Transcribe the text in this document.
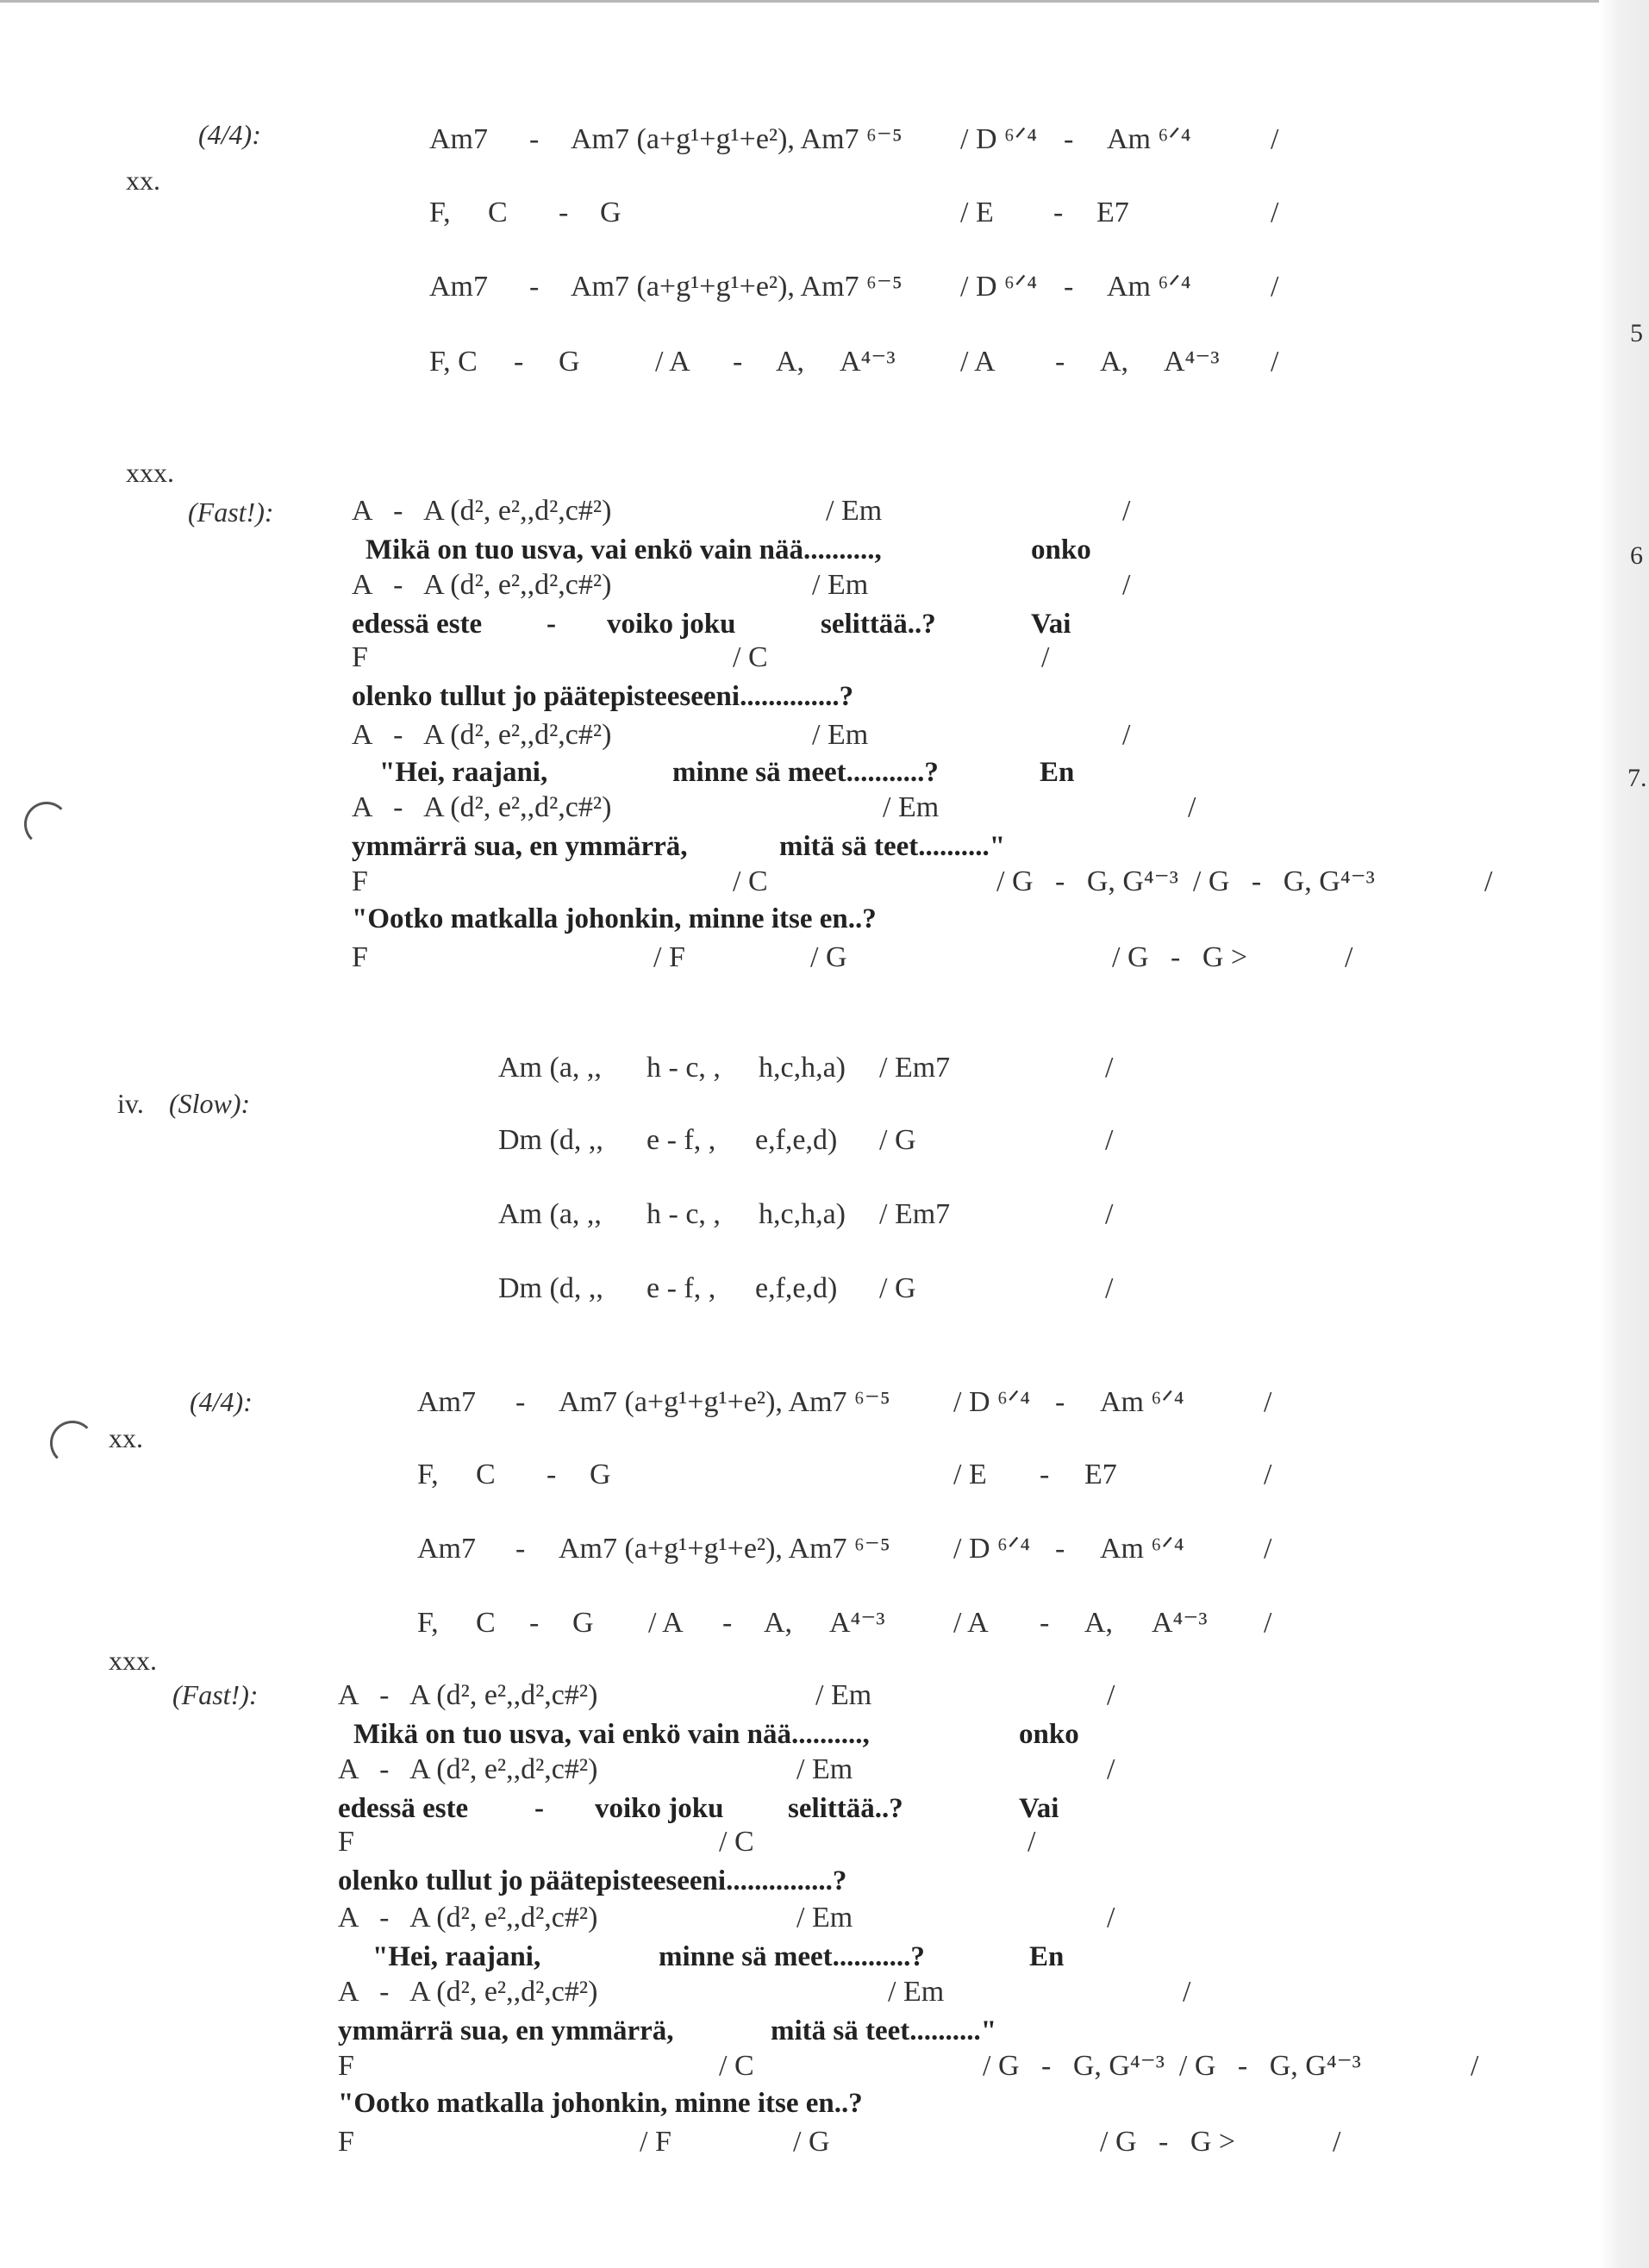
5
6
7.
(4/4):
xx.
Am7 - Am7 (a+g¹+g¹+e²), Am7 ⁶⁻⁵ / D ⁶ᐟ⁴ - Am ⁶ᐟ⁴	/
F, C - G	/ E - E7	/
Am7 - Am7 (a+g¹+g¹+e²), Am7 ⁶⁻⁵ / D ⁶ᐟ⁴ - Am ⁶ᐟ⁴	/
F, C - G	/ A - A, A⁴⁻³ / A - A, A⁴⁻³ /
xxx.
(Fast!):	A   -   A (d², e²,,d²,c#²)	/ Em	/
Mikä on tuo usva, vai enkö vain nää..........,	onko
A   -   A (d², e²,,d²,c#²)	/ Em	/
edessä este - voiko joku	selittää..?	Vai
F	/ C	/
olenko tullut jo päätepisteeseeni..............?
A   -   A (d², e²,,d²,c#²)	/ Em	/
"Hei, raajani,	minne sä meet...........?	En
A   -   A (d², e²,,d²,c#²)	/ Em	/
ymmärrä sua, en ymmärrä,	mitä sä teet.........."
F	/ C	/ G   -   G, G⁴⁻³  / G   -   G, G⁴⁻³	/
"Ootko matkalla johonkin, minne itse en..?
F	/ F	/ G	/ G   -   G >	/
iv. (Slow):
Am (a, ,, h - c, , h,c,h,a) / Em7	/
Dm (d, ,, e - f, , e,f,e,d) / G	/
Am (a, ,, h - c, , h,c,h,a) / Em7	/
Dm (d, ,, e - f, , e,f,e,d) / G	/
(4/4):
xx.
Am7 - Am7 (a+g¹+g¹+e²), Am7 ⁶⁻⁵ / D ⁶ᐟ⁴ - Am ⁶ᐟ⁴	/
F, C - G	/ E - E7	/
Am7 - Am7 (a+g¹+g¹+e²), Am7 ⁶⁻⁵ / D ⁶ᐟ⁴ - Am ⁶ᐟ⁴	/
F, C - G / A - A, A⁴⁻³ / A - A, A⁴⁻³ /
xxx.
(Fast!):	A   -   A (d², e²,,d²,c#²)	/ Em	/
Mikä on tuo usva, vai enkö vain nää..........,	onko
A   -   A (d², e²,,d²,c#²)	/ Em	/
edessä este - voiko joku selittää..?	Vai
F	/ C	/
olenko tullut jo päätepisteeseeni...............?
A   -   A (d², e²,,d²,c#²)	/ Em	/
"Hei, raajani,	minne sä meet...........?	En
A   -   A (d², e²,,d²,c#²)	/ Em	/
ymmärrä sua, en ymmärrä,	mitä sä teet.........."
F	/ C	/ G   -   G, G⁴⁻³  / G   -   G, G⁴⁻³	/
"Ootko matkalla johonkin, minne itse en..?
F	/ F	/ G	/ G   -   G >	/
